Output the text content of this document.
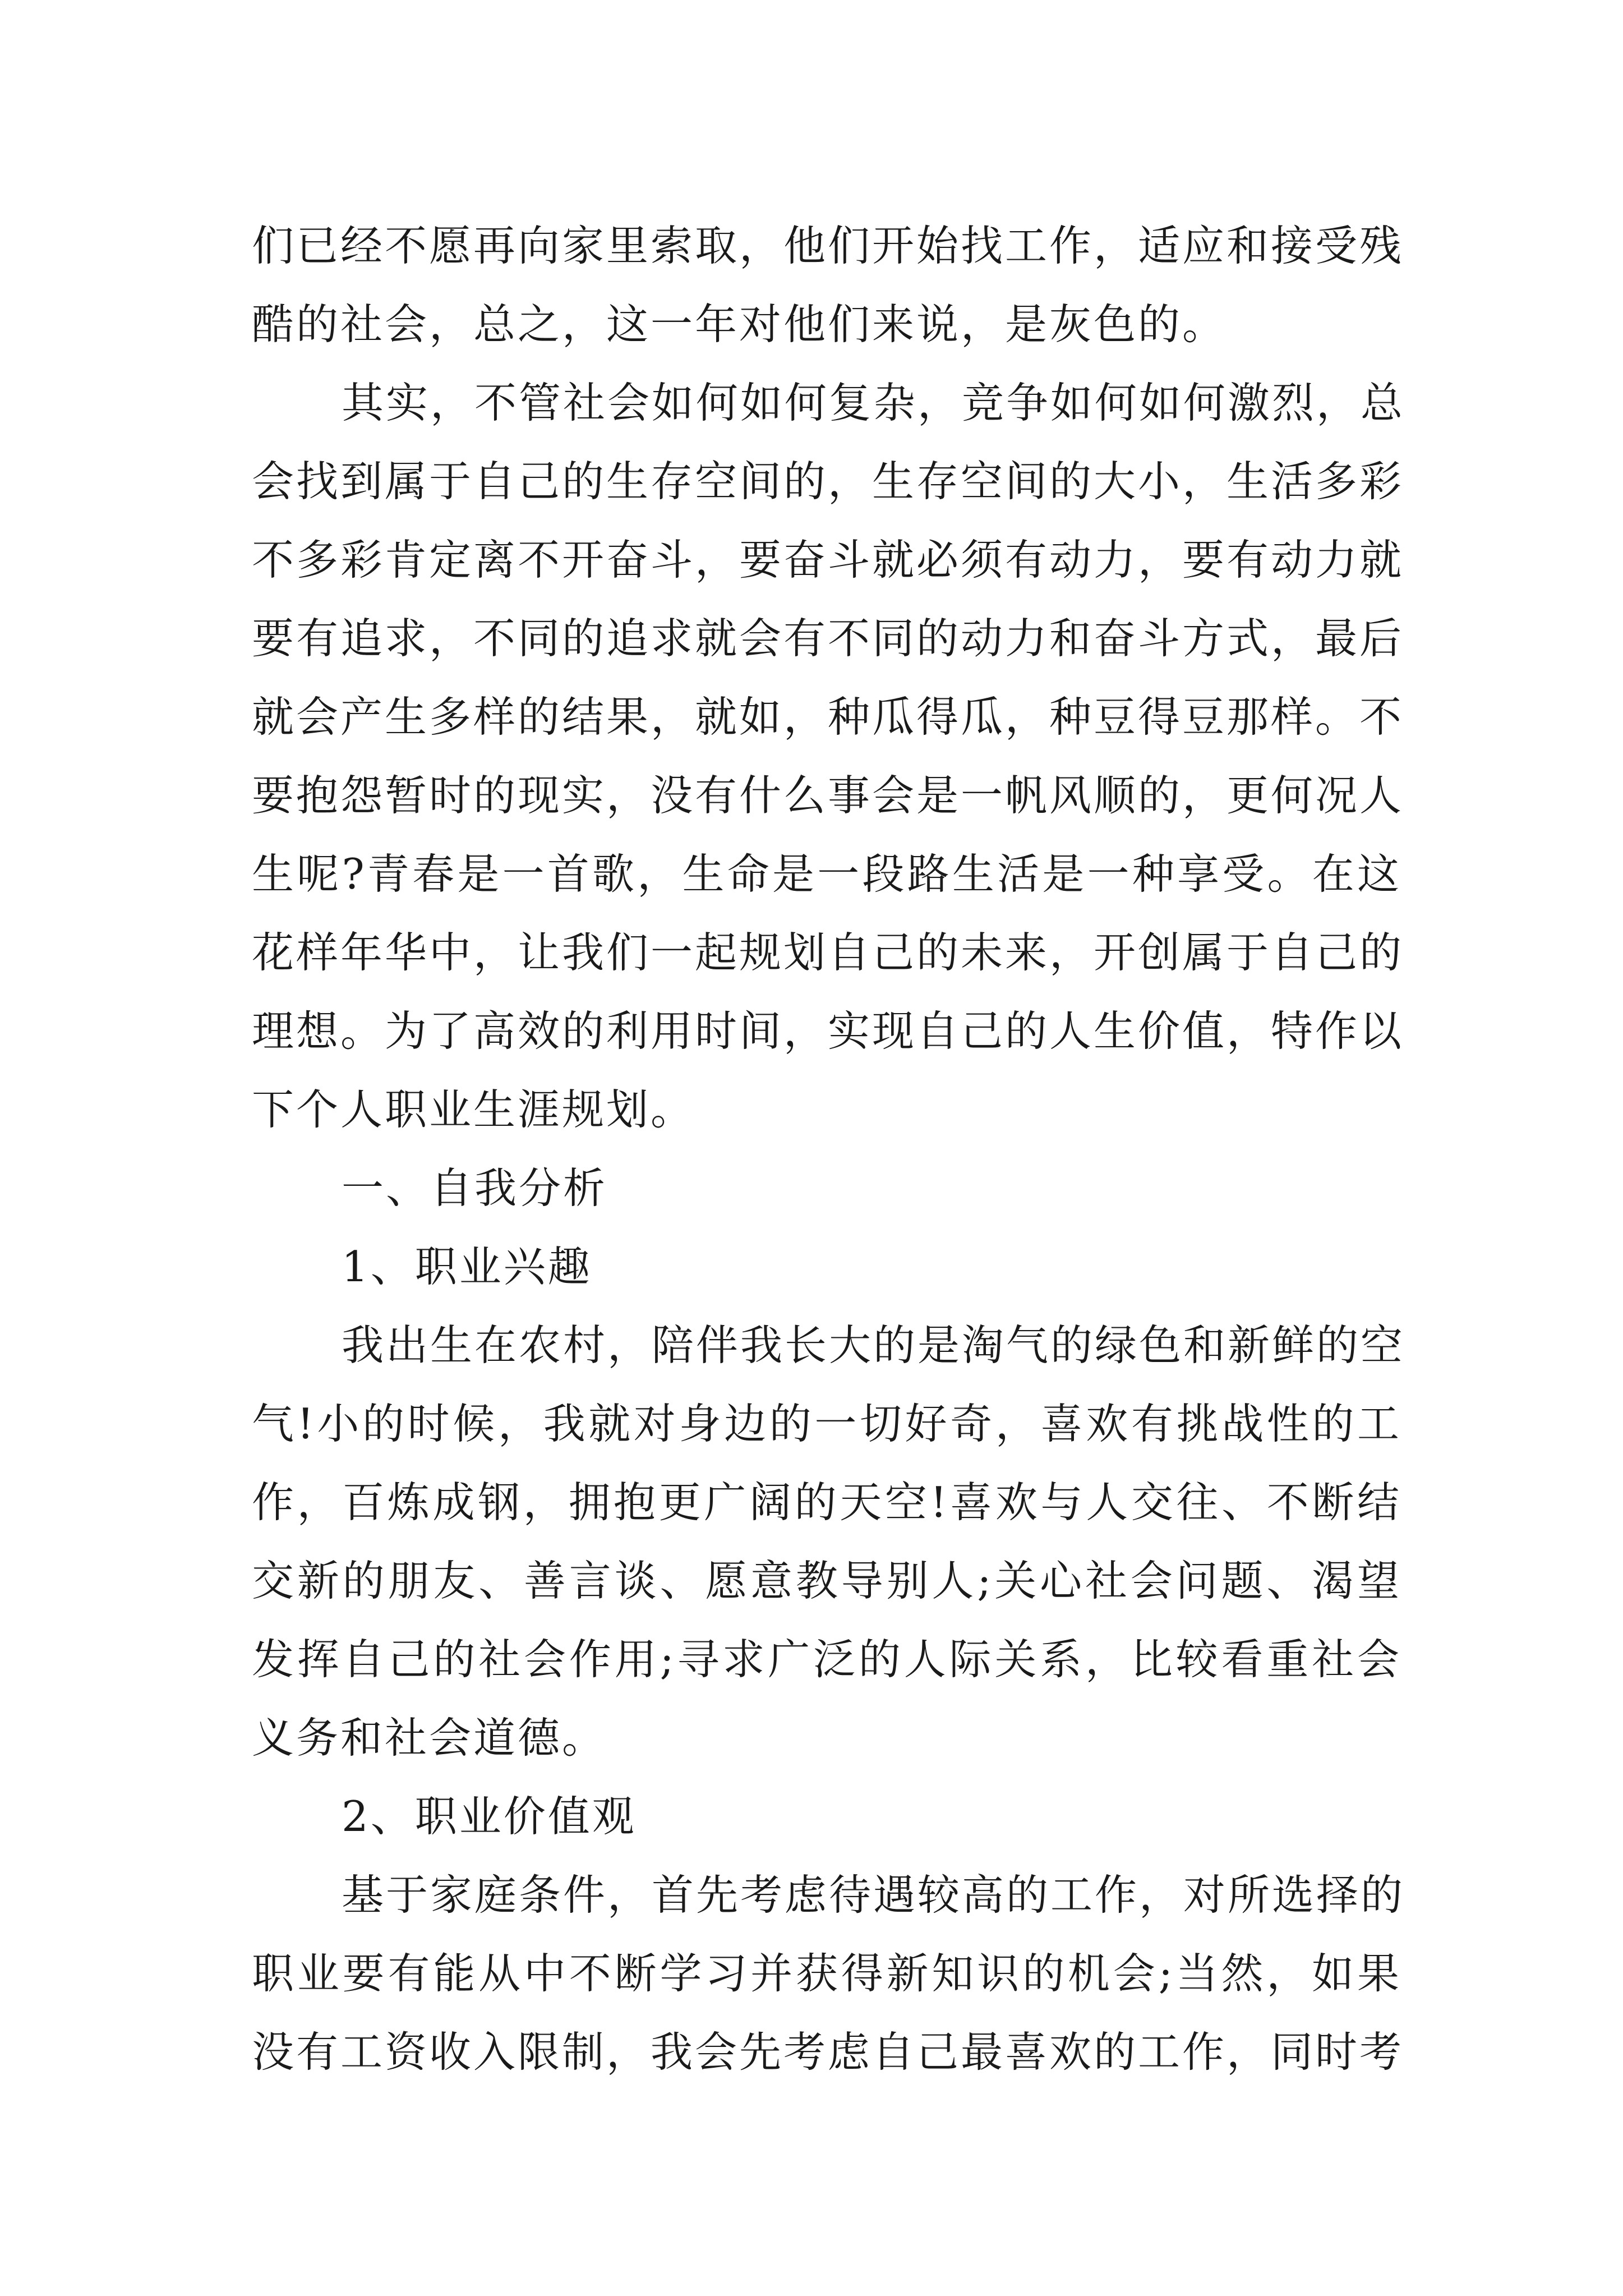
们已经不愿再向家里索取，他们开始找工作，适应和接受残
酷的社会，总之，这一年对他们来说，是灰色的。
其实，不管社会如何如何复杂，竞争如何如何激烈，总
会找到属于自己的生存空间的，生存空间的大小，生活多彩
不多彩肯定离不开奋斗，要奋斗就必须有动力，要有动力就
要有追求，不同的追求就会有不同的动力和奋斗方式，最后
就会产生多样的结果，就如，种瓜得瓜，种豆得豆那样。不
要抱怨暂时的现实，没有什么事会是一帆风顺的，更何况人
生呢?青春是一首歌，生命是一段路生活是一种享受。在这
花样年华中，让我们一起规划自己的未来，开创属于自己的
理想。为了高效的利用时间，实现自己的人生价值，特作以
下个人职业生涯规划。
一、自我分析
1、职业兴趣
我出生在农村，陪伴我长大的是淘气的绿色和新鲜的空
气!小的时候，我就对身边的一切好奇，喜欢有挑战性的工
作，百炼成钢，拥抱更广阔的天空!喜欢与人交往、不断结
交新的朋友、善言谈、愿意教导别人;关心社会问题、渴望
发挥自己的社会作用;寻求广泛的人际关系，比较看重社会
义务和社会道德。
2、职业价值观
基于家庭条件，首先考虑待遇较高的工作，对所选择的
职业要有能从中不断学习并获得新知识的机会;当然，如果
没有工资收入限制，我会先考虑自己最喜欢的工作，同时考
